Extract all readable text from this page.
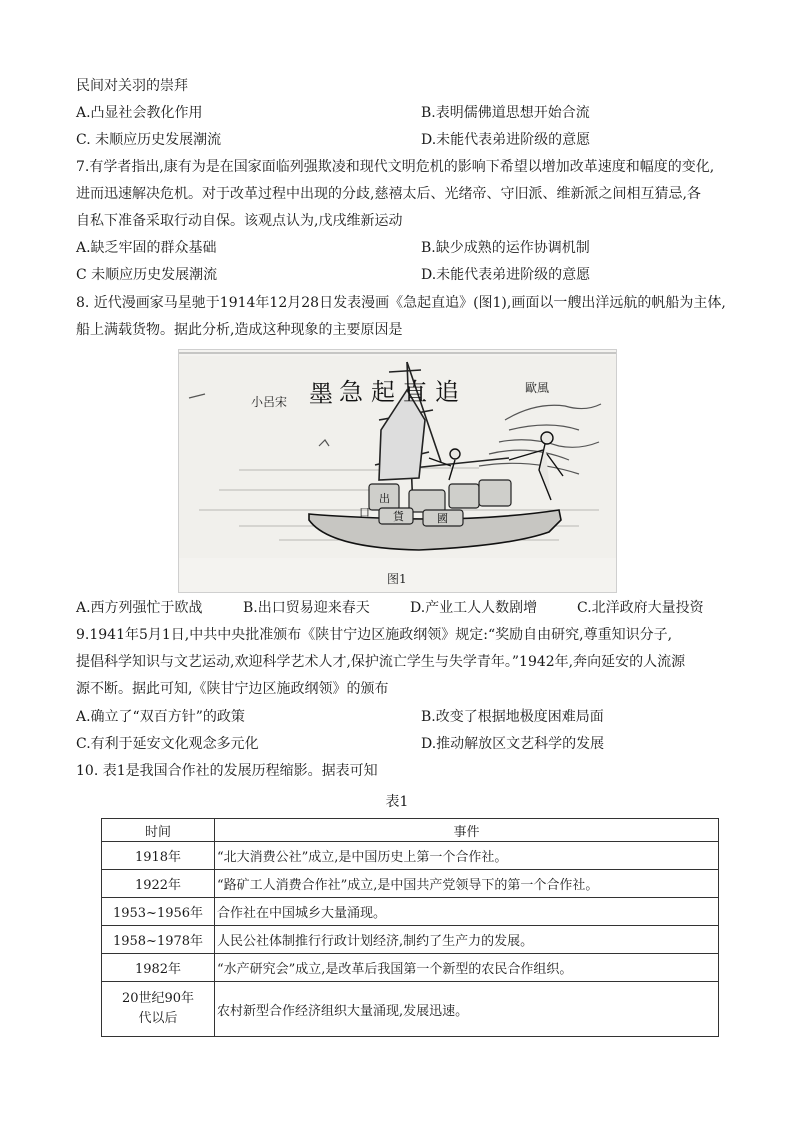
民间对关羽的崇拜
A.凸显社会教化作用	B.表明儒佛道思想开始合流
C. 未顺应历史发展潮流	D.未能代表弟进阶级的意愿
7.有学者指出,康有为是在国家面临列强欺凌和现代文明危机的影响下希望以增加改革速度和幅度的变化,
进而迅速解决危机。对于改革过程中出现的分歧,慈禧太后、光绪帝、守旧派、维新派之间相互猜忌,各
自私下准备采取行动自保。该观点认为,戊戌维新运动
A.缺乏牢固的群众基础	B.缺少成熟的运作协调机制
C 未顺应历史发展潮流	D.未能代表弟进阶级的意愿
8. 近代漫画家马星驰于1914年12月28日发表漫画《急起直追》(图1),画面以一艘出洋远航的帆船为主体,
船上满载货物。据此分析,造成这种现象的主要原因是
小呂宋 墨 急起直追	歐風
出
口 貨	國
图1
A.西方列强忙于欧战	B.出口贸易迎来春天	D.产业工人人数剧增	C.北洋政府大量投资
9.1941年5月1日,中共中央批准颁布《陕甘宁边区施政纲领》规定:“奖励自由研究,尊重知识分子,
提倡科学知识与文艺运动,欢迎科学艺术人才,保护流亡学生与失学青年。”1942年,奔向延安的人流源
源不断。据此可知,《陕甘宁边区施政纲领》的颁布
A.确立了“双百方针”的政策	B.改变了根据地极度困难局面
C.有利于延安文化观念多元化	D.推动解放区文艺科学的发展
10. 表1是我国合作社的发展历程缩影。据表可知
表1
时间	事件
1918年	“北大消费公社”成立,是中国历史上第一个合作社。
1922年	“路矿工人消费合作社”成立,是中国共产党领导下的第一个合作社。
1953~1956年	合作社在中国城乡大量涌现。
1958~1978年	人民公社体制推行行政计划经济,制约了生产力的发展。
1982年	“水产研究会”成立,是改革后我国第一个新型的农民合作组织。

20世纪90年
代以后	农村新型合作经济组织大量涌现,发展迅速。
